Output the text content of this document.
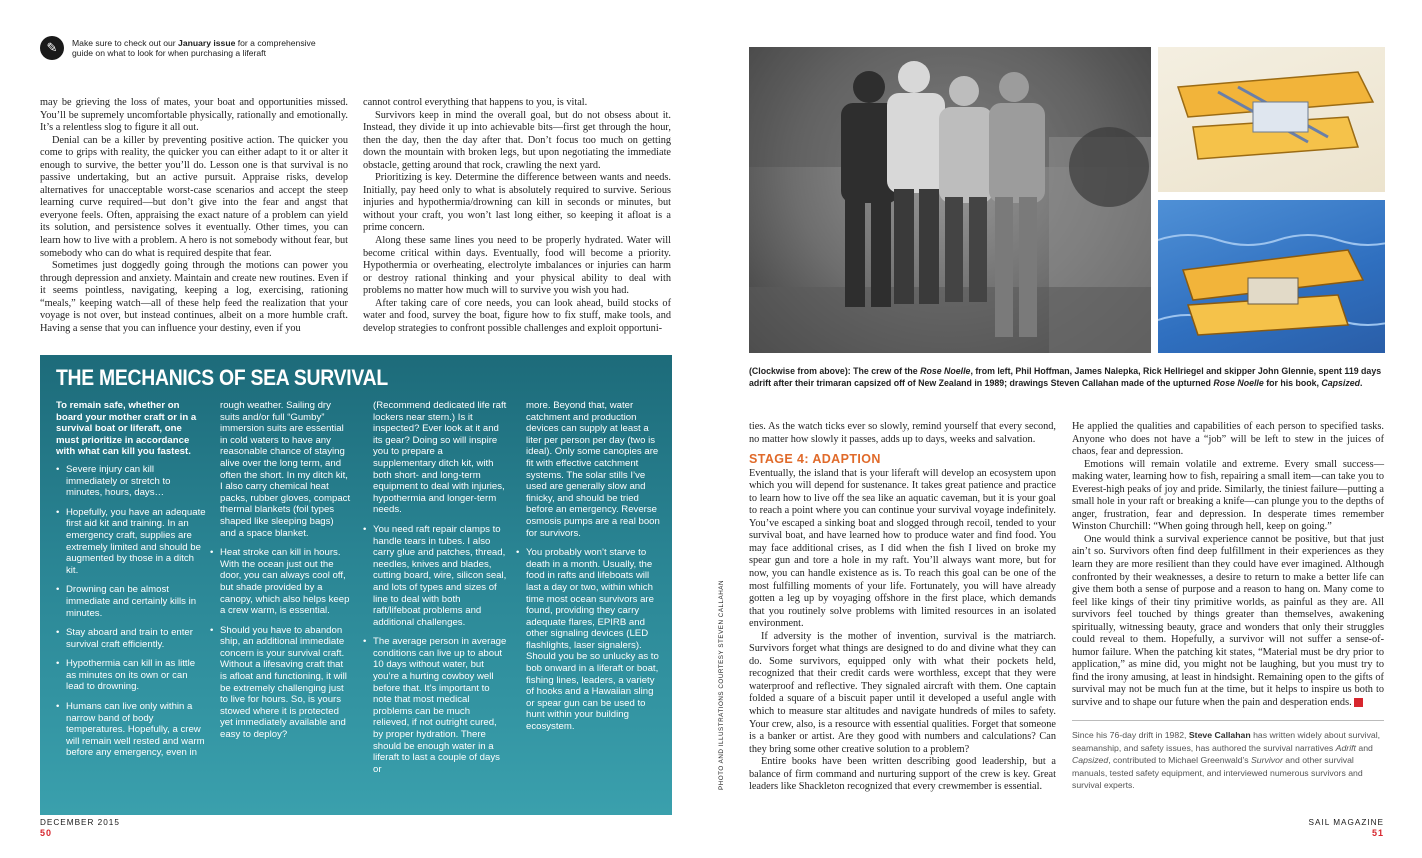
✎	Make sure to check out our January issue for a comprehensive guide on what to look for when purchasing a liferaft

may be grieving the loss of mates, your boat and opportunities missed. You’ll be supremely uncomfortable physically, rationally and emotionally. It’s a relentless slog to figure it all out.

Denial can be a killer by preventing positive action. The quicker you come to grips with reality, the quicker you can either adapt to it or alter it enough to survive, the better you’ll do. Lesson one is that survival is no passive undertaking, but an active pursuit. Appraise risks, develop alternatives for unacceptable worst-case scenarios and accept the steep learning curve required—but don’t give into the fear and angst that everyone feels. Often, appraising the exact nature of a problem can yield its solution, and persistence solves it eventually. Other times, you can learn how to live with a problem. A hero is not somebody without fear, but somebody who can do what is required despite that fear.

Sometimes just doggedly going through the motions can power you through depression and anxiety. Maintain and create new routines. Even if it seems pointless, navigating, keeping a log, exercising, rationing “meals,” keeping watch—all of these help feed the realization that your voyage is not over, but instead continues, albeit on a more humble craft. Having a sense that you can influence your destiny, even if you

cannot control everything that happens to you, is vital.

Survivors keep in mind the overall goal, but do not obsess about it. Instead, they divide it up into achievable bits—first get through the hour, then the day, then the day after that. Don’t focus too much on getting down the mountain with broken legs, but upon negotiating the immediate obstacle, getting around that rock, crawling the next yard.

Prioritizing is key. Determine the difference between wants and needs. Initially, pay heed only to what is absolutely required to survive. Serious injuries and hypothermia/drowning can kill in seconds or minutes, but without your craft, you won’t last long either, so keeping it afloat is a prime concern.

Along these same lines you need to be properly hydrated. Water will become critical within days. Eventually, food will become a priority. Hypothermia or overheating, electrolyte imbalances or injuries can harm or destroy rational thinking and your physical ability to deal with problems no matter how much will to survive you wish you had.

After taking care of core needs, you can look ahead, build stocks of water and food, survey the boat, figure how to fix stuff, make tools, and develop strategies to confront possible challenges and exploit opportuni-

THE MECHANICS OF SEA SURVIVAL

To remain safe, whether on board your mother craft or in a survival boat or liferaft, one must prioritize in accordance with what can kill you fastest.

• Severe injury can kill immediately or stretch to minutes, hours, days…
• Hopefully, you have an adequate first aid kit and training. In an emergency craft, supplies are extremely limited and should be augmented by those in a ditch kit.
• Drowning can be almost immediate and certainly kills in minutes.
• Stay aboard and train to enter survival craft efficiently.
• Hypothermia can kill in as little as minutes on its own or can lead to drowning.
• Humans can live only within a narrow band of body temperatures. Hopefully, a crew will remain well rested and warm before any emergency, even in

rough weather. Sailing dry suits and/or full “Gumby” immersion suits are essential in cold waters to have any reasonable chance of staying alive over the long term, and often the short. In my ditch kit, I also carry chemical heat packs, rubber gloves, compact thermal blankets (foil types shaped like sleeping bags) and a space blanket.

• Heat stroke can kill in hours. With the ocean just out the door, you can always cool off, but shade provided by a canopy, which also helps keep a crew warm, is essential.
• Should you have to abandon ship, an additional immediate concern is your survival craft. Without a lifesaving craft that is afloat and functioning, it will be extremely challenging just to live for hours. So, is yours stowed where it is protected yet immediately available and easy to deploy?

(Recommend dedicated life raft lockers near stern.) Is it inspected? Ever look at it and its gear? Doing so will inspire you to prepare a supplementary ditch kit, with both short- and long-term equipment to deal with injuries, hypothermia and longer-term needs.

• You need raft repair clamps to handle tears in tubes. I also carry glue and patches, thread, needles, knives and blades, cutting board, wire, silicon seal, and lots of types and sizes of line to deal with both raft/lifeboat problems and additional challenges.
• The average person in average conditions can live up to about 10 days without water, but you’re a hurting cowboy well before that. It’s important to note that most medical problems can be much relieved, if not outright cured, by proper hydration. There should be enough water in a liferaft to last a couple of days or

more. Beyond that, water catchment and production devices can supply at least a liter per person per day (two is ideal). Only some canopies are fit with effective catchment systems. The solar stills I’ve used are generally slow and finicky, and should be tried before an emergency. Reverse osmosis pumps are a real boon for survivors.

• You probably won’t starve to death in a month. Usually, the food in rafts and lifeboats will last a day or two, within which time most ocean survivors are found, providing they carry adequate flares, EPIRB and other signaling devices (LED flashlights, laser signalers). Should you be so unlucky as to bob onward in a liferaft or boat, fishing lines, leaders, a variety of hooks and a Hawaiian sling or spear gun can be used to hunt within your building ecosystem.
(Clockwise from above): The crew of the Rose Noelle, from left, Phil Hoffman, James Nalepka, Rick Hellriegel and skipper John Glennie, spent 119 days adrift after their trimaran capsized off of New Zealand in 1989; drawings Steven Callahan made of the upturned Rose Noelle for his book, Capsized.
PHOTO AND ILLUSTRATIONS COURTESY STEVEN CALLAHAN

ties. As the watch ticks ever so slowly, remind yourself that every second, no matter how slowly it passes, adds up to days, weeks and salvation.

STAGE 4: ADAPTION

Eventually, the island that is your liferaft will develop an ecosystem upon which you will depend for sustenance. It takes great patience and practice to learn how to live off the sea like an aquatic caveman, but it is your goal to reach a point where you can continue your survival voyage indefinitely. You’ve escaped a sinking boat and slogged through recoil, tended to your survival boat, and have learned how to produce water and find food. You may face additional crises, as I did when the fish I lived on broke my spear gun and tore a hole in my raft. You’ll always want more, but for now, you can handle existence as is. To reach this goal can be one of the most fulfilling moments of your life. Fortunately, you will have already gotten a leg up by voyaging offshore in the first place, which demands that you routinely solve problems with limited resources in an isolated environment.

If adversity is the mother of invention, survival is the matriarch. Survivors forget what things are designed to do and divine what they can do. Some survivors, equipped only with what their pockets held, recognized that their credit cards were worthless, except that they were waterproof and reflective. They signaled aircraft with them. One captain folded a square of a biscuit paper until it developed a useful angle with which to measure star altitudes and navigate hundreds of miles to safety. Your crew, also, is a resource with essential qualities. Forget that someone is a banker or artist. Are they good with numbers and calculations? Can they bring some other creative solution to a problem?

Entire books have been written describing good leadership, but a balance of firm command and nurturing support of the crew is key. Great leaders like Shackleton recognized that every crewmember is essential.

He applied the qualities and capabilities of each person to specified tasks. Anyone who does not have a “job” will be left to stew in the juices of chaos, fear and depression.

Emotions will remain volatile and extreme. Every small success—making water, learning how to fish, repairing a small item—can take you to Everest-high peaks of joy and pride. Similarly, the tiniest failure—putting a small hole in your raft or breaking a knife—can plunge you to the depths of anger, frustration, fear and depression. In desperate times remember Winston Churchill: “When going through hell, keep on going.”

One would think a survival experience cannot be positive, but that just ain’t so. Survivors often find deep fulfillment in their experiences as they learn they are more resilient than they could have ever imagined. Although confronted by their weaknesses, a desire to return to make a better life can give them both a sense of purpose and a reason to hang on. Many come to feel like kings of their tiny primitive worlds, as painful as they are. All survivors feel touched by things greater than themselves, awakening spiritually, witnessing beauty, grace and wonders that only their struggles could reveal to them. Hopefully, a survivor will not suffer a sense-of-humor failure. When the patching kit states, “Material must be dry prior to application,” as mine did, you might not be laughing, but you must try to find the irony amusing, at least in hindsight. Remaining open to the gifts of survival may not be much fun at the time, but it helps to inspire us both to survive and to shape our future when the pain and desperation ends. S

Since his 76-day drift in 1982, Steve Callahan has written widely about survival, seamanship, and safety issues, has authored the survival narratives Adrift and Capsized, contributed to Michael Greenwald’s Survivor and other survival manuals, tested safety equipment, and interviewed numerous survivors and survival experts.
DECEMBER 2015
50
SAIL MAGAZINE
51
